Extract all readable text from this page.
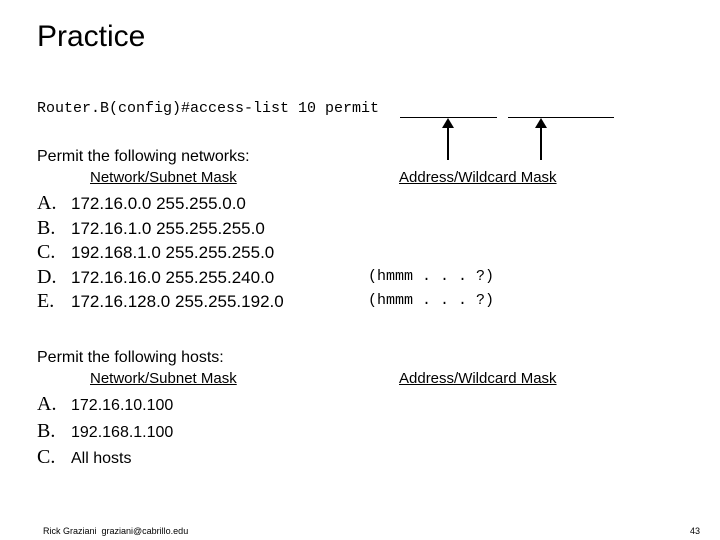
Practice
Router.B(config)#access-list 10 permit
Permit the following networks:
Network/Subnet Mask	Address/Wildcard Mask
A. 172.16.0.0 255.255.0.0
B. 172.16.1.0 255.255.255.0
C. 192.168.1.0 255.255.255.0
D. 172.16.16.0 255.255.240.0	(hmmm . . . ?)
E. 172.16.128.0 255.255.192.0	(hmmm . . . ?)
Permit the following hosts:
Network/Subnet Mask	Address/Wildcard Mask
A. 172.16.10.100
B. 192.168.1.100
C. All hosts
Rick Graziani  graziani@cabrillo.edu	43
